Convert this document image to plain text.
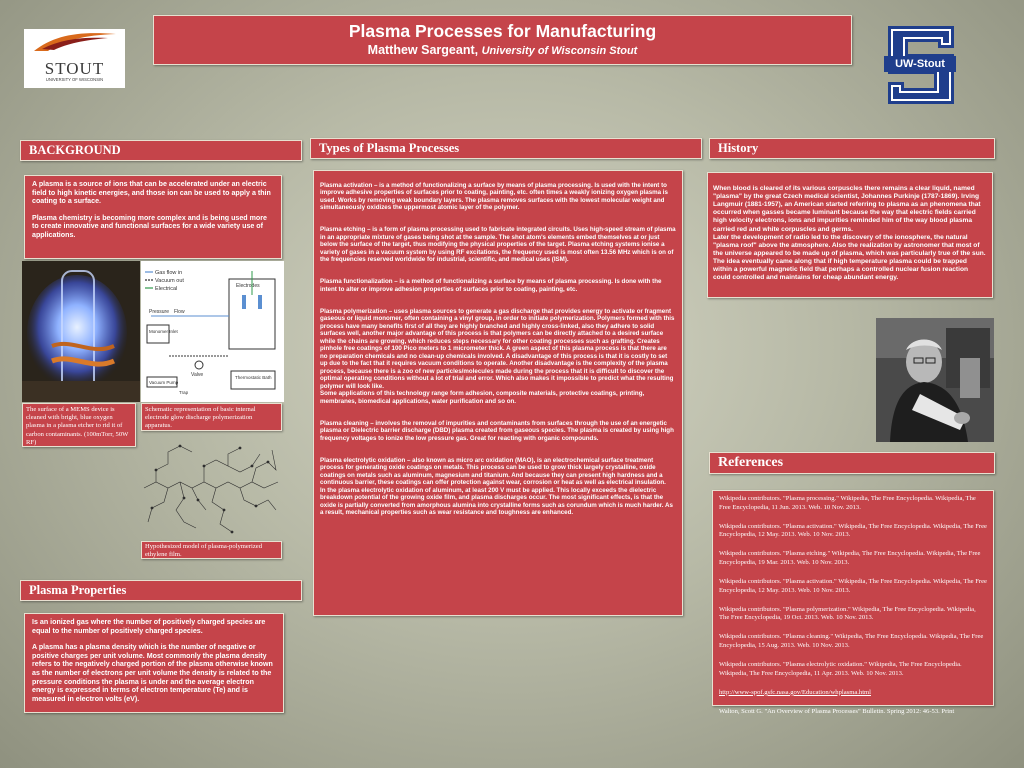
Plasma Processes for Manufacturing
Matthew Sargeant, University of Wisconsin Stout
STOUT
UNIVERSITY OF WISCONSIN
UW-Stout
BACKGROUND

A plasma is a source of ions that can be accelerated under an electric field to high kinetic energies, and those ion can be used to apply a thin coating to a surface.

Plasma chemistry is becoming more complex and is being used more to create innovative and functional surfaces for a wide variety use of applications.

Gas flow in
Vacuum out
Electrical	Electrodes
Pressure Flow
Monomer Inlet
Valve
Vacuum Pump
Trap
Thermostatic Bath
The surface of a MEMS device is cleaned with bright, blue oxygen plasma in a plasma etcher to rid it of carbon contaminants. (100mTorr, 50W RF)
Schematic representation of basic internal electrode glow discharge polymerization apparatus.
Hypothesized model of plasma-polymerized ethylene film.
Plasma Properties

Is an ionized gas where the number of positively charged species are equal to the number of positively charged species.

A plasma has a plasma density which is the number of negative or positive charges per unit volume. Most commonly the plasma density refers to the negatively charged portion of the plasma otherwise known as the number of electrons per unit volume the density is related to the pressure conditions the plasma is under and the average electron energy is expressed in terms of electron temperature (Te) and is measured in electron volts (eV).

Types of Plasma Processes

Plasma activation – is a method of functionalizing a surface by means of plasma processing. Is used with the intent to improve adhesive properties of surfaces prior to coating, painting, etc. often times a weakly ionizing oxygen plasma is used. Works by removing weak boundary layers. The plasma removes surfaces with the lowest molecular weight and simultaneously oxidizes the uppermost atomic layer of the polymer.

Plasma etching – is a form of plasma processing used to fabricate integrated circuits. Uses high-speed stream of plasma in an appropriate mixture of gases being shot at the sample. The shot atom's elements embed themselves at or just below the surface of the target, thus modifying the physical properties of the target. Plasma etching systems ionise a variety of gases in a vacuum system by using RF excitations, the frequency used is most often 13.56 MHz which is on of the frequencies reserved worldwide for industrial, scientific, and medical uses (ISM).

Plasma functionalization – is a method of functionalizing a surface by means of plasma processing. Is done with the intent to alter or improve adhesion properties of surfaces prior to coating, painting, etc.

Plasma polymerization – uses plasma sources to generate a gas discharge that provides energy to activate or fragment gaseous or liquid monomer, often containing a vinyl group, in order to initiate polymerization. Polymers formed with this process have many benefits first of all they are highly branched and highly cross-linked, also they adhere to solid surfaces well, another major advantage of this process is that polymers can be directly attached to a desired surface while the chains are growing, which reduces steps necessary for other coating processes such as grafting. Creates pinhole free coatings of 100 Pico meters to 1 micrometer thick. A green aspect of this plasma process is that there are no preparation chemicals and no clean-up chemicals involved. A disadvantage of this process is that it is costly to set up due to the fact that it requires vacuum conditions to operate. Another disadvantage is the complexity of the plasma process, because there is a zoo of new particles/molecules made during the process that it is difficult to discover the optimal operating conditions without a lot of trial and error. Which also makes it impossible to predict what the resulting polymer will look like.
Some applications of this technology range form adhesion, composite materials, protective coatings, printing, membranes, biomedical applications, water purification and so on.

Plasma cleaning – involves the removal of impurities and contaminants from surfaces through the use of an energetic plasma or Dielectric barrier discharge (DBD) plasma created from gaseous species. The plasma is created by using high frequency voltages to ionize the low pressure gas. Great for reacting with organic compounds.

Plasma electrolytic oxidation – also known as micro arc oxidation (MAO), is an electrochemical surface treatment process for generating oxide coatings on metals. This process can be used to grow thick largely crystalline, oxide coatings on metals such as aluminum, magnesium and titanium. And because they can present high hardness and a continuous barrier, these coatings can offer protection against wear, corrosion or heat as well as electrical insulation.
In the plasma electrolytic oxidation of aluminum, at least 200 V must be applied. This locally exceeds the dielectric breakdown potential of the growing oxide film, and plasma discharges occur. The most significant effects, is that the oxide is partially converted from amorphous alumina into crystalline forms such as corundum which is much harder. As a result, mechanical properties such as wear resistance and toughness are enhanced.

History

When blood is cleared of its various corpuscles there remains a clear liquid, named "plasma" by the great Czech medical scientist, Johannes Purkinje (1787-1869). Irving Langmuir (1881-1957), an American started referring to plasma as an phenomena that occurred when gasses became luminant because the way that electric fields carried high velocity electrons, ions and impurities reminded him of the way blood plasma carried red and white corpuscles and germs.
Later the development of radio led to the discovery of the ionosphere, the natural "plasma roof" above the atmosphere. Also the realization by astronomer that most of the universe appeared to be made up of plasma, which was particularly true of the sun. The idea eventually came along that if high temperature plasma could be trapped within a powerful magnetic field that perhaps a controlled nuclear fusion reaction could controlled and maintains for cheap abundant energy.

References

Wikipedia contributors. "Plasma processing." Wikipedia, The Free Encyclopedia. Wikipedia, The Free Encyclopedia, 11 Jun. 2013. Web. 10 Nov. 2013.

Wikipedia contributors. "Plasma activation." Wikipedia, The Free Encyclopedia. Wikipedia, The Free Encyclopedia, 12 May. 2013. Web. 10 Nov. 2013.

Wikipedia contributors. "Plasma etching." Wikipedia, The Free Encyclopedia. Wikipedia, The Free Encyclopedia, 19 Mar. 2013. Web. 10 Nov. 2013.

Wikipedia contributors. "Plasma activation." Wikipedia, The Free Encyclopedia. Wikipedia, The Free Encyclopedia, 12 May. 2013. Web. 10 Nov. 2013.

Wikipedia contributors. "Plasma polymerization." Wikipedia, The Free Encyclopedia. Wikipedia, The Free Encyclopedia, 19 Oct. 2013. Web. 10 Nov. 2013.

Wikipedia contributors. "Plasma cleaning." Wikipedia, The Free Encyclopedia. Wikipedia, The Free Encyclopedia, 15 Aug. 2013. Web. 10 Nov. 2013.

Wikipedia contributors. "Plasma electrolytic oxidation." Wikipedia, The Free Encyclopedia. Wikipedia, The Free Encyclopedia, 11 Apr. 2013. Web. 10 Nov. 2013.

http://www-spof.gsfc.nasa.gov/Education/whplasma.html

Walton, Scott G. "An Overview of Plasma Processes" Bulletin. Spring 2012: 46-53. Print
